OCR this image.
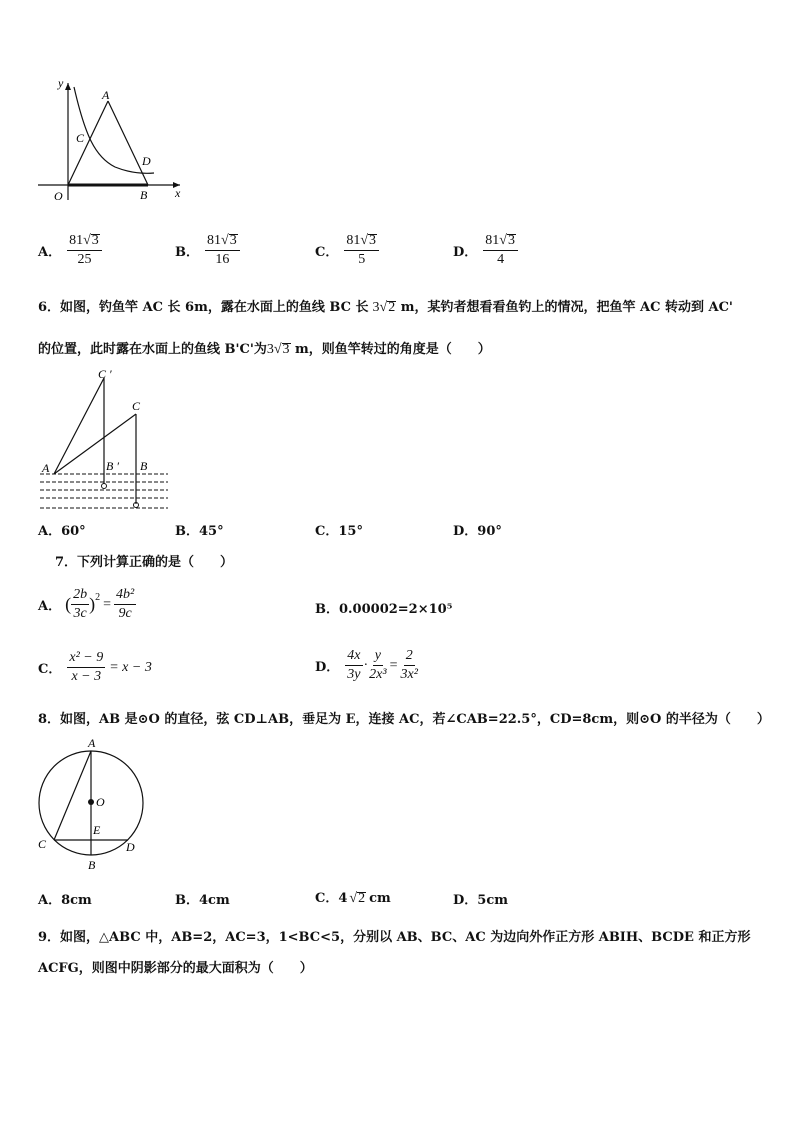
y
x
O
A
B
C
D
A． $\frac{81√3}{25}$	B． $\frac{81√3}{16}$	C． $\frac{81√3}{5}$	D． $\frac{81√3}{4}$
6．如图，钓鱼竿 AC 长 6m，露在水面上的鱼线 BC 长 3√2 m，某钓者想看看鱼钓上的情况，把鱼竿 AC 转动到 AC'
的位置，此时露在水面上的鱼线 B'C'为3√3 m，则鱼竿转过的角度是（　　）
C ′
C
A	B ′ B
A．60°	B．45°	C．15°	D．90°
7．下列计算正确的是（　　）
A． ( $\frac{2b}{3c} )^2 = \frac{\text{4b²}}{9c}$	B．0.00002=2×10⁵
C． $\frac{\text{x² − 9}}{x - 3} = x - 3$	D． $\frac{4x}{3y} \cdot \frac{y}{\text{2x³}} = \frac{2}{\text{3x²}}$
8．如图，AB 是⊙O 的直径，弦 CD⊥AB，垂足为 E，连接 AC，若∠CAB=22.5°，CD=8cm，则⊙O 的半径为（　　）
A
O
E
C
B
D
A．8cm	B．4cm	C．4 √2 cm	D．5cm
9．如图，△ABC 中，AB=2，AC=3，1<BC<5，分别以 AB、BC、AC 为边向外作正方形 ABIH、BCDE 和正方形
ACFG，则图中阴影部分的最大面积为（　　）
